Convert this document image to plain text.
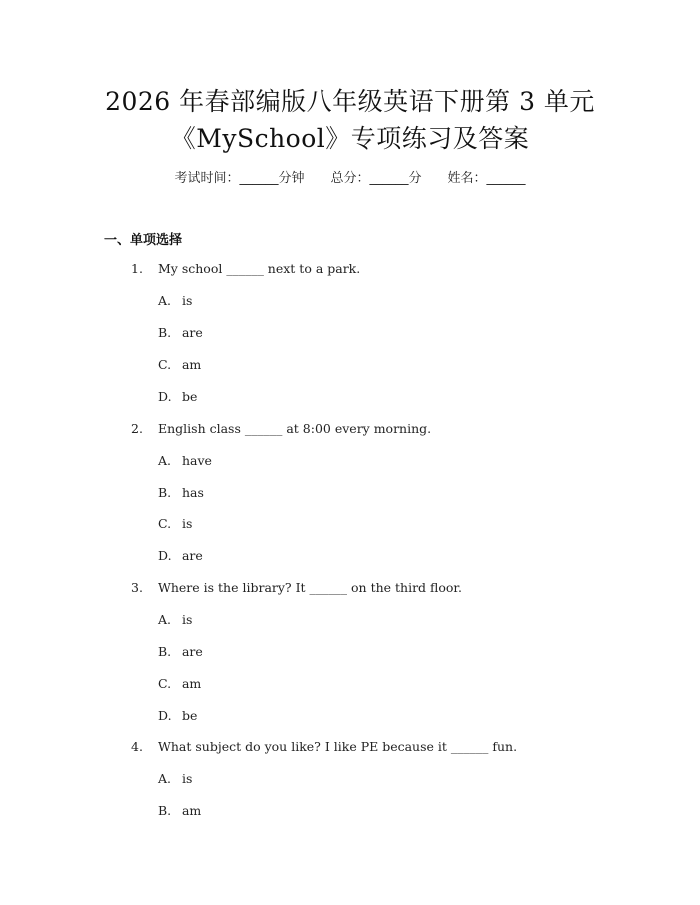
2026 年春部编版八年级英语下册第 3 单元
《MySchool》专项练习及答案
考试时间：______分钟 总分：______分 姓名：______
一、单项选择
1. My school ______ next to a park.
A. is
B. are
C. am
D. be
2. English class ______ at 8:00 every morning.
A. have
B. has
C. is
D. are
3. Where is the library? It ______ on the third floor.
A. is
B. are
C. am
D. be
4. What subject do you like? I like PE because it ______ fun.
A. is
B. am
